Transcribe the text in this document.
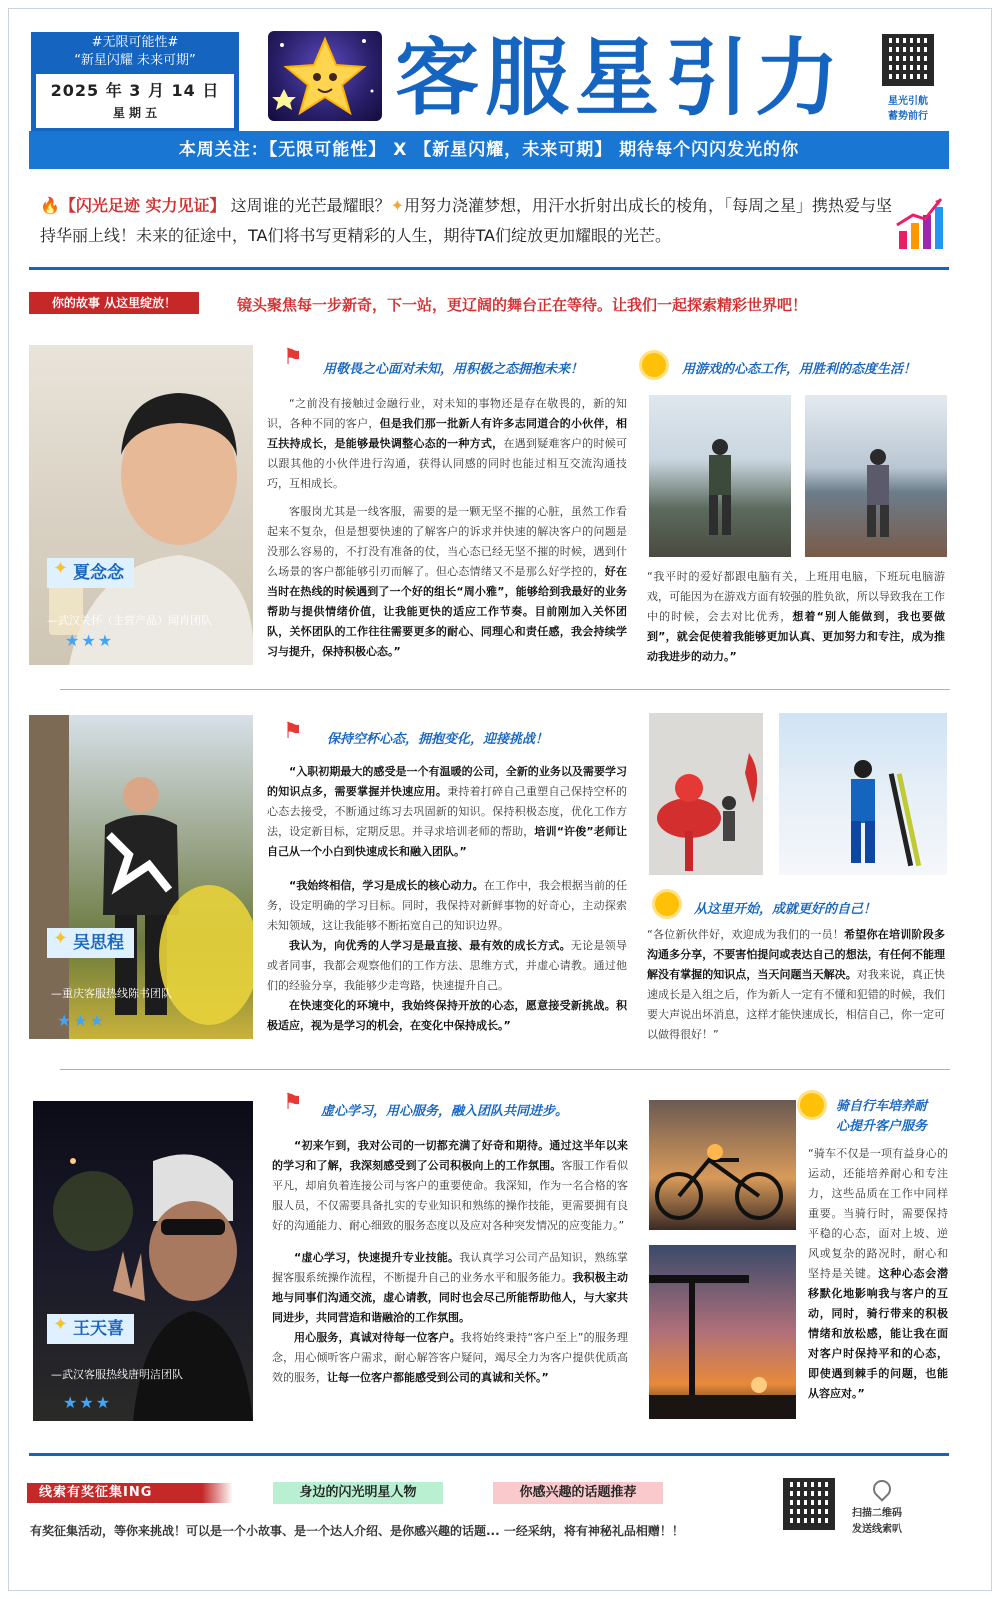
#无限可能性#
“新星闪耀 未来可期”
2025 年 3 月 14 日
星 期 五	客服星引力	星光引航
蓄势前行
本周关注：【无限可能性】 X 【新星闪耀，未来可期】 期待每个闪闪发光的你
🔥【闪光足迹 实力见证】 这周谁的光芒最耀眼？✦用努力浇灌梦想，用汗水折射出成长的棱角，「每周之星」携热爱与坚持华丽上线！未来的征途中，TA们将书写更精彩的人生，期待TA们绽放更加耀眼的光芒。
你的故事 从这里绽放！	镜头聚焦每一步新奇，下一站，更辽阔的舞台正在等待。让我们一起探索精彩世界吧！
✦ 夏念念
—武汉关怀（主营产品）闻肖团队
★★★
⚑ 用敬畏之心面对未知，用积极之态拥抱未来！

“之前没有接触过金融行业，对未知的事物还是存在敬畏的，新的知识，各种不同的客户，但是我们那一批新人有许多志同道合的小伙伴，相互扶持成长，是能够最快调整心态的一种方式，在遇到疑难客户的时候可以跟其他的小伙伴进行沟通，获得认同感的同时也能过相互交流沟通技巧，互相成长。

客服岗尤其是一线客服，需要的是一颗无坚不摧的心脏，虽然工作看起来不复杂，但是想要快速的了解客户的诉求并快速的解决客户的问题是没那么容易的，不打没有准备的仗，当心态已经无坚不摧的时候，遇到什么场景的客户都能够引刃而解了。但心态情绪又不是那么好学控的，好在当时在热线的时候遇到了一个好的组长“周小雅”，能够给到我最好的业务帮助与提供情绪价值，让我能更快的适应工作节奏。目前刚加入关怀团队，关怀团队的工作往往需要更多的耐心、同理心和责任感，我会持续学习与提升，保持积极心态。”

用游戏的心态工作，用胜利的态度生活！

“我平时的爱好都跟电脑有关，上班用电脑，下班玩电脑游戏，可能因为在游戏方面有较强的胜负欲，所以导致我在工作中的时候，会去对比优秀，想着“别人能做到，我也要做到”，就会促使着我能够更加认真、更加努力和专注，成为推动我进步的动力。”

✦ 吴思程
—重庆客服热线陈书团队
★★★
⚑ 保持空杯心态，拥抱变化，迎接挑战！

“入职初期最大的感受是一个有温暖的公司，全新的业务以及需要学习的知识点多，需要掌握并快速应用。秉持着打碎自己重塑自己保持空杯的心态去接受，不断通过练习去巩固新的知识。保持积极态度，优化工作方法，设定新目标，定期反思。并寻求培训老师的帮助，培训“许俊”老师让自己从一个小白到快速成长和融入团队。”

“我始终相信，学习是成长的核心动力。在工作中，我会根据当前的任务，设定明确的学习目标。同时，我保持对新鲜事物的好奇心，主动探索未知领域，这让我能够不断拓宽自己的知识边界。

我认为，向优秀的人学习是最直接、最有效的成长方式。无论是领导或者同事，我都会观察他们的工作方法、思维方式，并虚心请教。通过他们的经验分享，我能够少走弯路，快速提升自己。

在快速变化的环境中，我始终保持开放的心态，愿意接受新挑战。积极适应，视为是学习的机会，在变化中保持成长。”

从这里开始，成就更好的自己！

“各位新伙伴好，欢迎成为我们的一员！希望你在培训阶段多沟通多分享，不要害怕提问或表达自己的想法，有任何不能理解没有掌握的知识点，当天问题当天解决。对我来说，真正快速成长是入组之后，作为新人一定有不懂和犯错的时候，我们要大声说出坏消息，这样才能快速成长，相信自己，你一定可以做得很好！”

✦ 王天喜
—武汉客服热线唐明洁团队
★★★
⚑ 虚心学习，用心服务，融入团队共同进步。

“初来乍到，我对公司的一切都充满了好奇和期待。通过这半年以来的学习和了解，我深刻感受到了公司积极向上的工作氛围。客服工作看似平凡，却肩负着连接公司与客户的重要使命。我深知，作为一名合格的客服人员，不仅需要具备扎实的专业知识和熟练的操作技能，更需要拥有良好的沟通能力、耐心细致的服务态度以及应对各种突发情况的应变能力。”

“虚心学习，快速提升专业技能。我认真学习公司产品知识，熟练掌握客服系统操作流程，不断提升自己的业务水平和服务能力。我积极主动地与同事们沟通交流，虚心请教，同时也会尽己所能帮助他人，与大家共同进步，共同营造和谐融洽的工作氛围。

用心服务，真诚对待每一位客户。我将始终秉持“客户至上”的服务理念，用心倾听客户需求，耐心解答客户疑问，竭尽全力为客户提供优质高效的服务，让每一位客户都能感受到公司的真诚和关怀。”

骑自行车培养耐
心提升客户服务

“骑车不仅是一项有益身心的运动，还能培养耐心和专注力，这些品质在工作中同样重要。当骑行时，需要保持平稳的心态，面对上坡、逆风或复杂的路况时，耐心和坚持是关键。这种心态会潜移默化地影响我与客户的互动，同时，骑行带来的积极情绪和放松感，能让我在面对客户时保持平和的心态，即使遇到棘手的问题，也能从容应对。”

线索有奖征集ING	身边的闪光明星人物	你感兴趣的话题推荐
有奖征集活动，等你来挑战！可以是一个小故事、是一个达人介绍、是你感兴趣的话题... 一经采纳，将有神秘礼品相赠！！
扫描二维码
发送线索叭
